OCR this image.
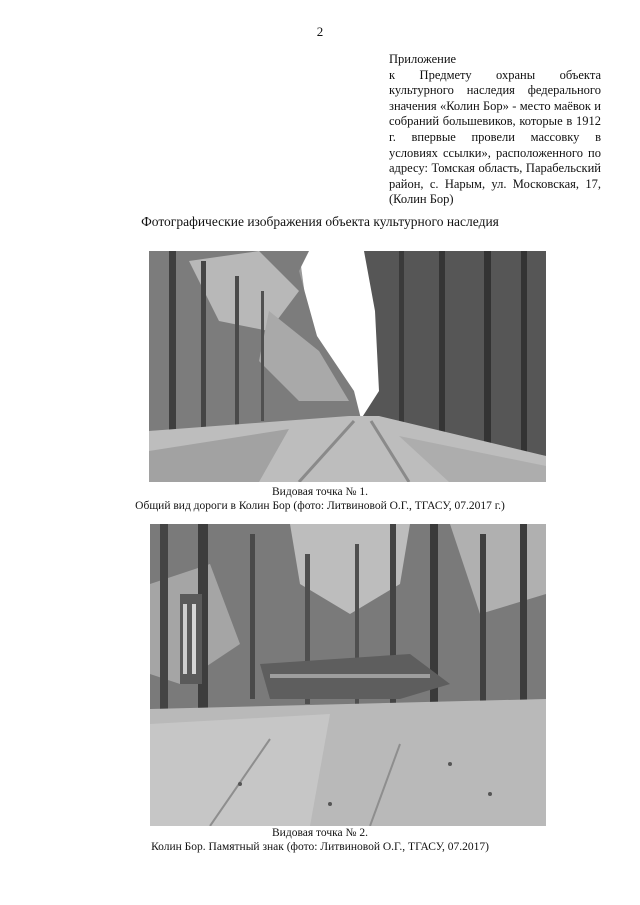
2
Приложение
к Предмету охраны объекта культурного наследия федерального значения «Колин Бор» - место маёвок и собраний большевиков, которые в 1912 г. впервые провели массовку в условиях ссылки», расположенного по адресу: Томская область, Парабельский район, с. Нарым, ул. Московская, 17, (Колин Бор)
Фотографические изображения объекта культурного наследия
Видовая точка № 1.
Общий вид дороги в Колин Бор (фото: Литвиновой О.Г., ТГАСУ, 07.2017 г.)
Видовая точка № 2.
Колин Бор. Памятный знак (фото: Литвиновой О.Г., ТГАСУ, 07.2017)
